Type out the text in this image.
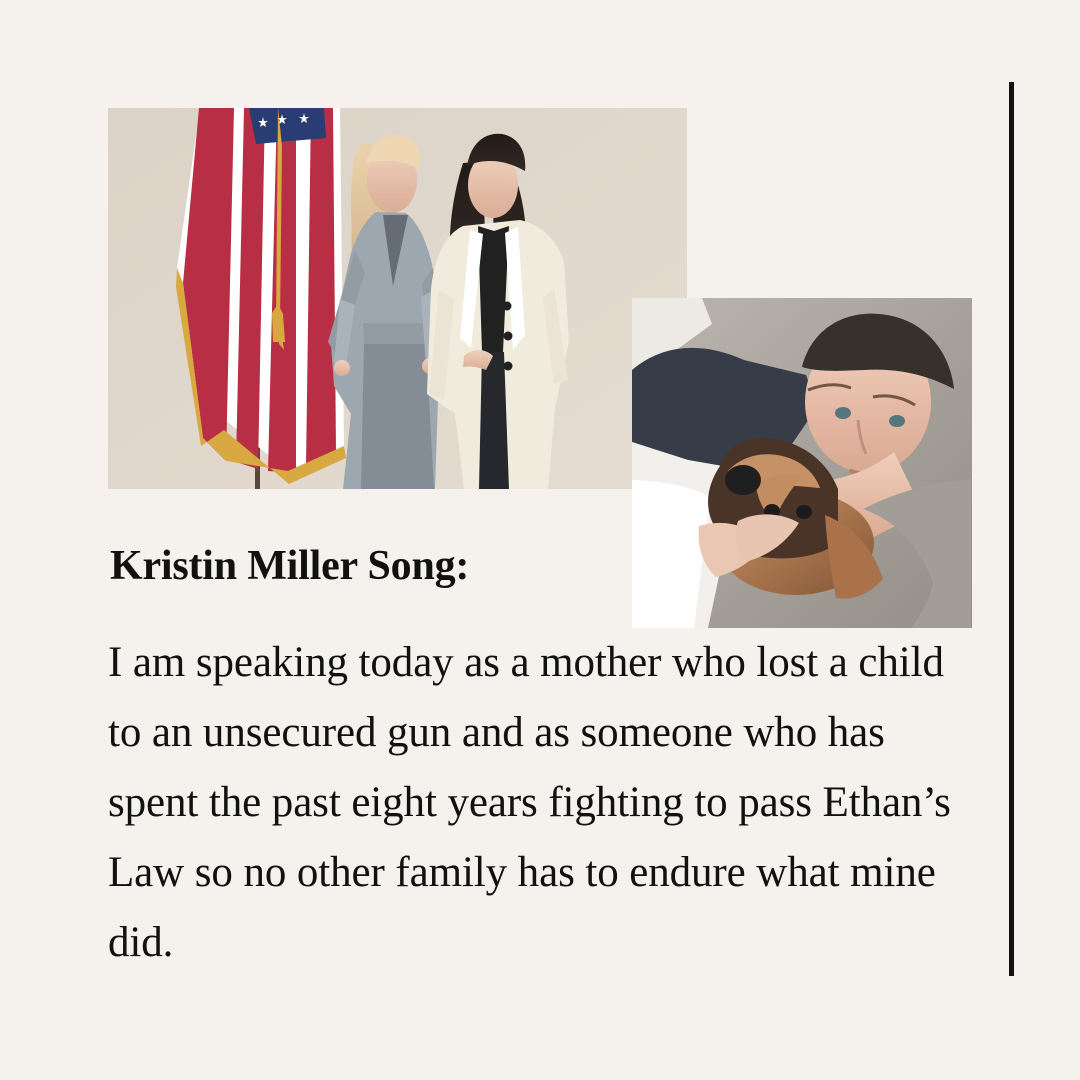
Kristin Miller Song:

I am speaking today as a mother who lost a child to an unsecured gun and as someone who has spent the past eight years fighting to pass Ethan’s Law so no other family has to endure what mine did.
